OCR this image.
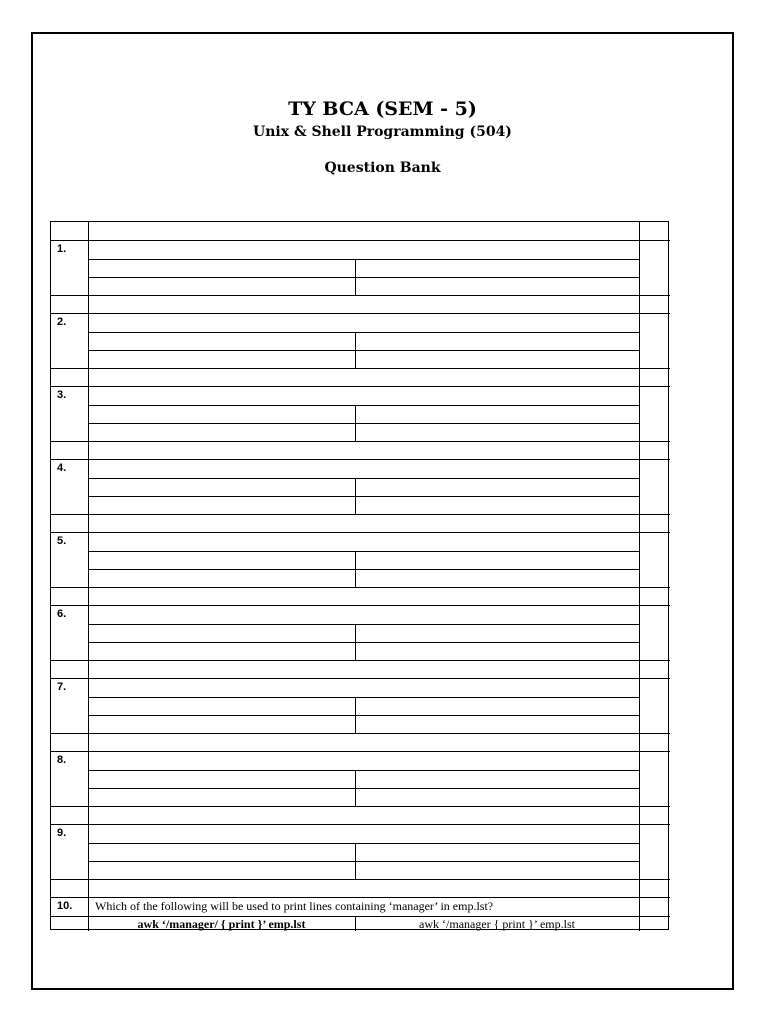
TY BCA (SEM - 5)
Unix & Shell Programming (504)
Question Bank
1.
2.
3.
4.
5.
6.
7.
8.
9.
10. Which of the following will be used to print lines containing ‘manager’ in emp.lst?
awk ‘/manager/ { print }’ emp.lst	awk ‘/manager { print }’ emp.lst
